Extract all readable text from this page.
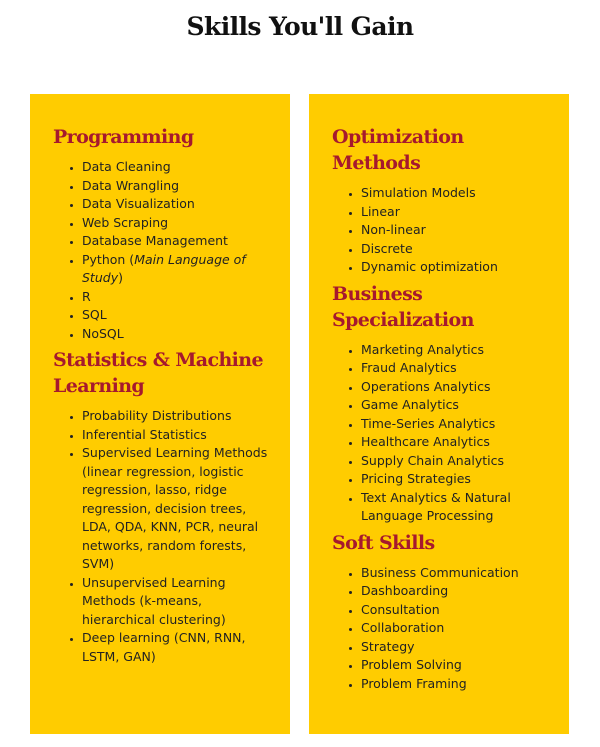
Skills You'll Gain
Programming
• Data Cleaning
• Data Wrangling
• Data Visualization
• Web Scraping
• Database Management
• Python (Main Language of Study)
• R
• SQL
• NoSQL
Statistics & Machine Learning
• Probability Distributions
• Inferential Statistics
• Supervised Learning Methods (linear regression, logistic regression, lasso, ridge regression, decision trees, LDA, QDA, KNN, PCR, neural networks, random forests, SVM)
• Unsupervised Learning Methods (k-means, hierarchical clustering)
• Deep learning (CNN, RNN, LSTM, GAN)
Optimization Methods
• Simulation Models
• Linear
• Non-linear
• Discrete
• Dynamic optimization
Business Specialization
• Marketing Analytics
• Fraud Analytics
• Operations Analytics
• Game Analytics
• Time-Series Analytics
• Healthcare Analytics
• Supply Chain Analytics
• Pricing Strategies
• Text Analytics & Natural Language Processing
Soft Skills
• Business Communication
• Dashboarding
• Consultation
• Collaboration
• Strategy
• Problem Solving
• Problem Framing
